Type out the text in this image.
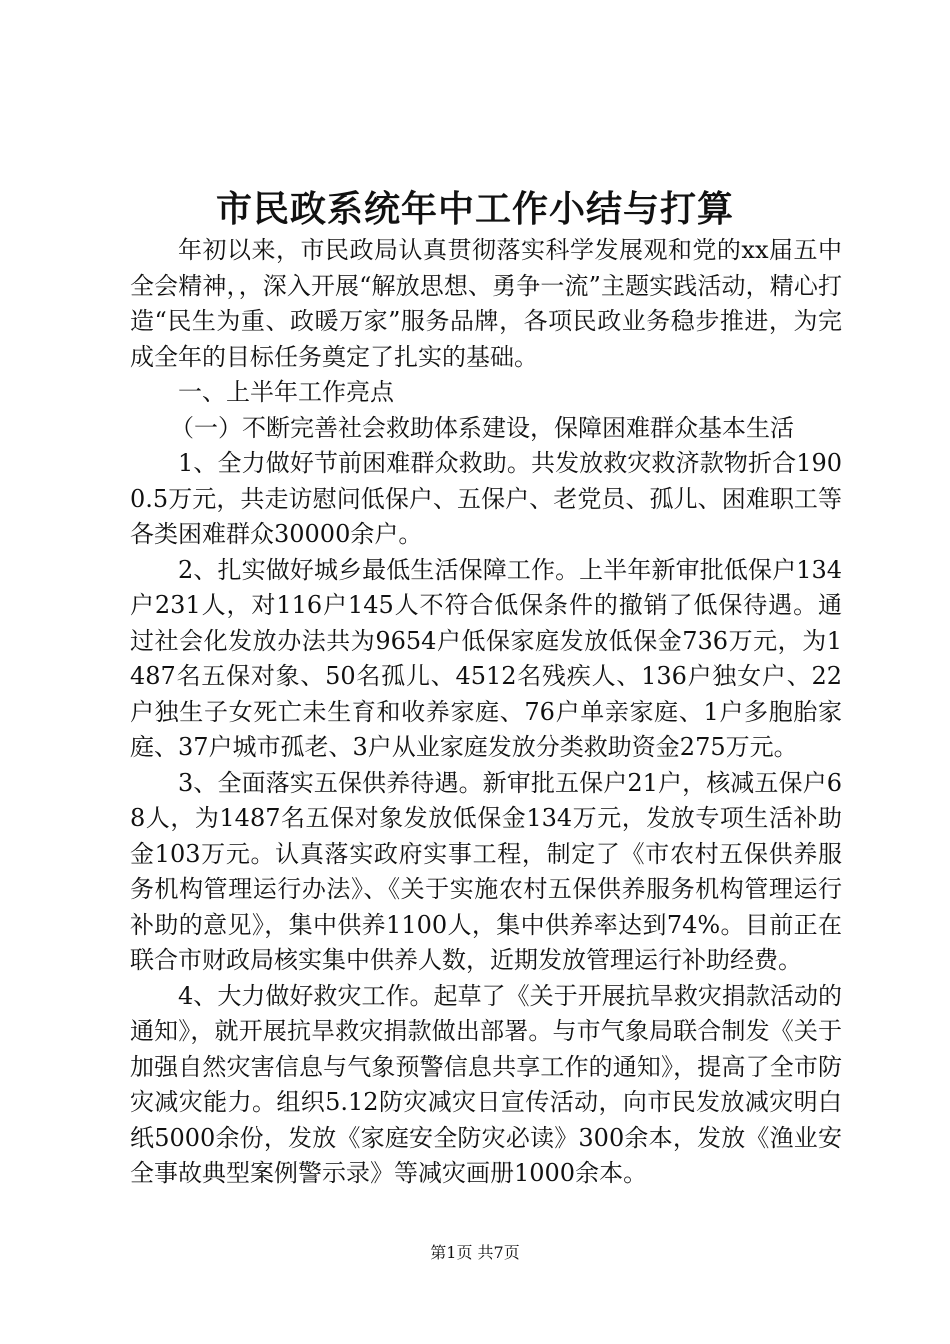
市民政系统年中工作小结与打算

年初以来，市民政局认真贯彻落实科学发展观和党的xx届五中全会精神，，深入开展“解放思想、勇争一流”主题实践活动，精心打造“民生为重、政暖万家”服务品牌，各项民政业务稳步推进，为完成全年的目标任务奠定了扎实的基础。

一、上半年工作亮点

（一）不断完善社会救助体系建设，保障困难群众基本生活

1、全力做好节前困难群众救助。共发放救灾救济款物折合1900.5万元，共走访慰问低保户、五保户、老党员、孤儿、困难职工等各类困难群众30000余户。

2、扎实做好城乡最低生活保障工作。上半年新审批低保户134户231人，对116户145人不符合低保条件的撤销了低保待遇。通过社会化发放办法共为9654户低保家庭发放低保金736万元，为1487名五保对象、50名孤儿、4512名残疾人、136户独女户、22户独生子女死亡未生育和收养家庭、76户单亲家庭、1户多胞胎家庭、37户城市孤老、3户从业家庭发放分类救助资金275万元。

3、全面落实五保供养待遇。新审批五保户21户，核减五保户68人，为1487名五保对象发放低保金134万元，发放专项生活补助金103万元。认真落实政府实事工程，制定了《市农村五保供养服务机构管理运行办法》、《关于实施农村五保供养服务机构管理运行补助的意见》，集中供养1100人，集中供养率达到74%。目前正在联合市财政局核实集中供养人数，近期发放管理运行补助经费。

4、大力做好救灾工作。起草了《关于开展抗旱救灾捐款活动的通知》，就开展抗旱救灾捐款做出部署。与市气象局联合制发《关于加强自然灾害信息与气象预警信息共享工作的通知》，提高了全市防灾减灾能力。组织5.12防灾减灾日宣传活动，向市民发放减灾明白纸5000余份，发放《家庭安全防灾必读》300余本，发放《渔业安全事故典型案例警示录》等减灾画册1000余本。

第1页 共7页
